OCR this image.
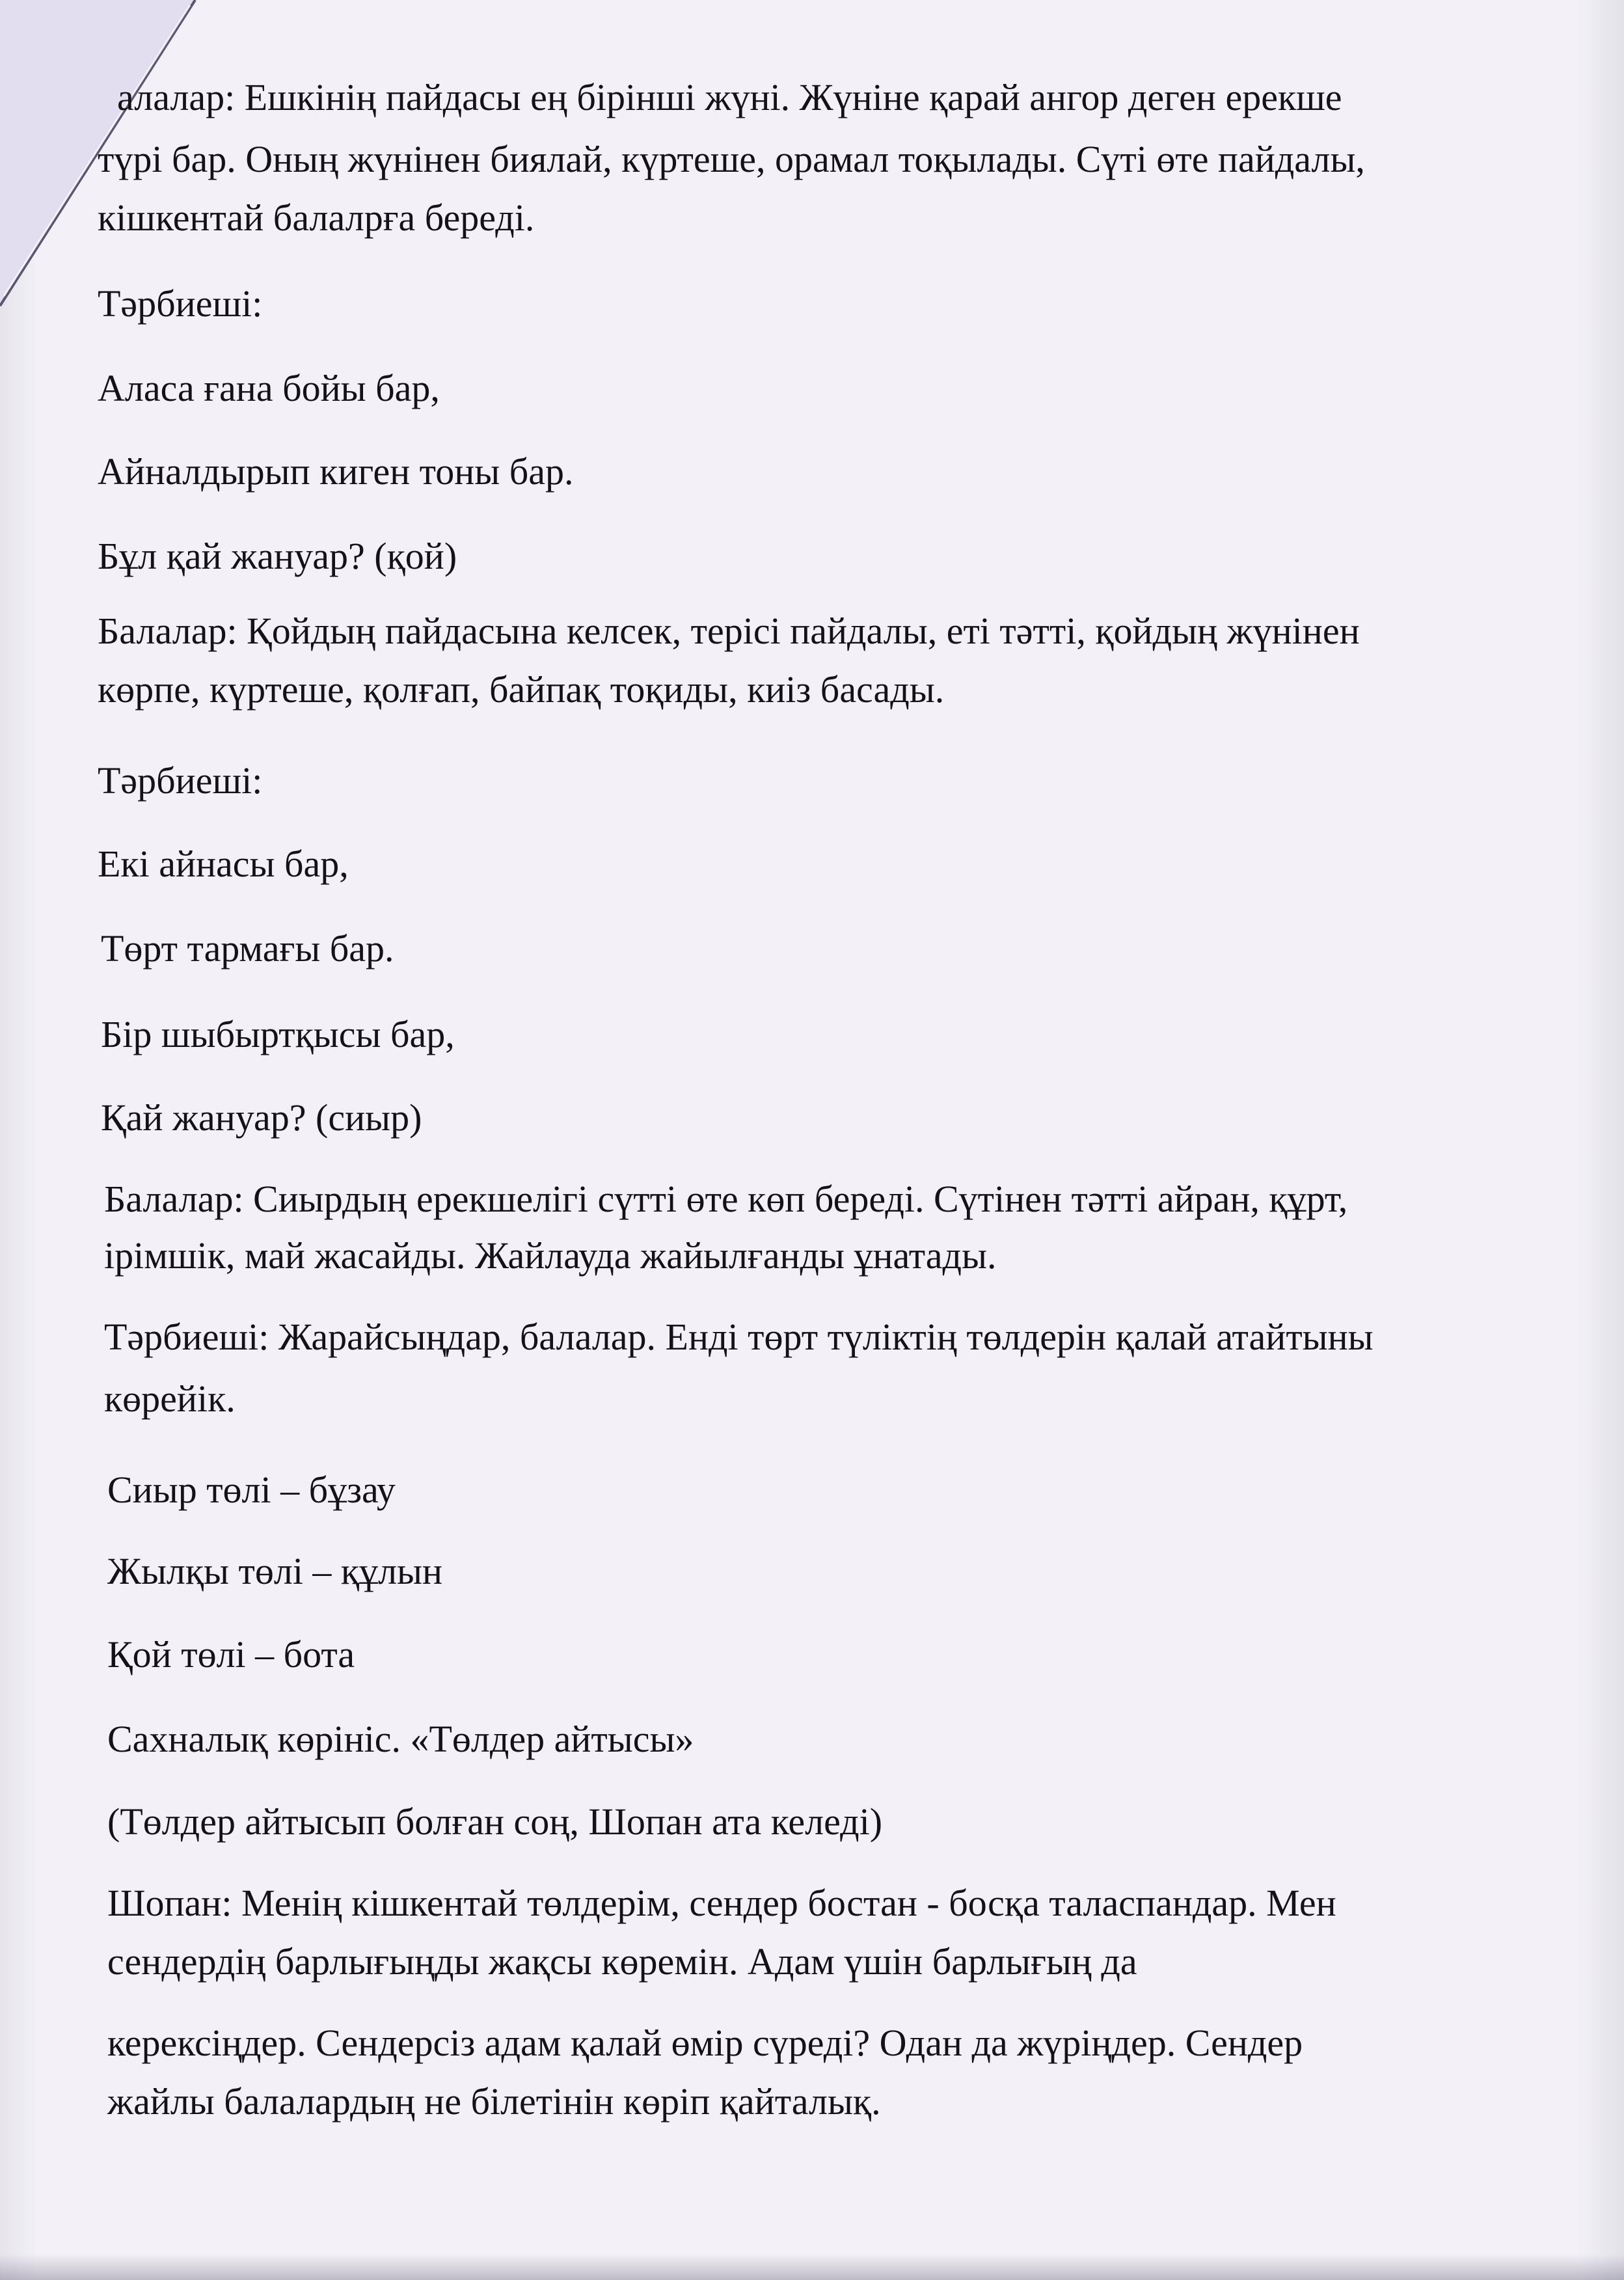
алалар: Ешкінің пайдасы ең бірінші жүні. Жүніне қарай ангор деген ерекше
түрі бар. Оның жүнінен биялай, күртеше, орамал тоқылады. Сүті өте пайдалы,
кішкентай балалрға береді.
Тәрбиеші:
Аласа ғана бойы бар,
Айналдырып киген тоны бар.
Бұл қай жануар? (қой)
Балалар: Қойдың пайдасына келсек, терісі пайдалы, еті тәтті, қойдың жүнінен
көрпе, күртеше, қолғап, байпақ тоқиды, киіз басады.
Тәрбиеші:
Екі айнасы бар,
Төрт тармағы бар.
Бір шыбыртқысы бар,
Қай жануар? (сиыр)
Балалар: Сиырдың ерекшелігі сүтті өте көп береді. Сүтінен тәтті айран, құрт,
ірімшік, май жасайды. Жайлауда жайылғанды ұнатады.
Тәрбиеші: Жарайсыңдар, балалар. Енді төрт түліктің төлдерін қалай атайтыны
көрейік.
Сиыр төлі – бұзау
Жылқы төлі – құлын
Қой төлі – бота
Сахналық көрініс. «Төлдер айтысы»
(Төлдер айтысып болған соң, Шопан ата келеді)
Шопан: Менің кішкентай төлдерім, сендер бостан - босқа таласпандар. Мен
сендердің барлығыңды жақсы көремін. Адам үшін барлығың да
керексіңдер. Сендерсіз адам қалай өмір сүреді? Одан да жүріңдер. Сендер
жайлы балалардың не білетінін көріп қайталық.
